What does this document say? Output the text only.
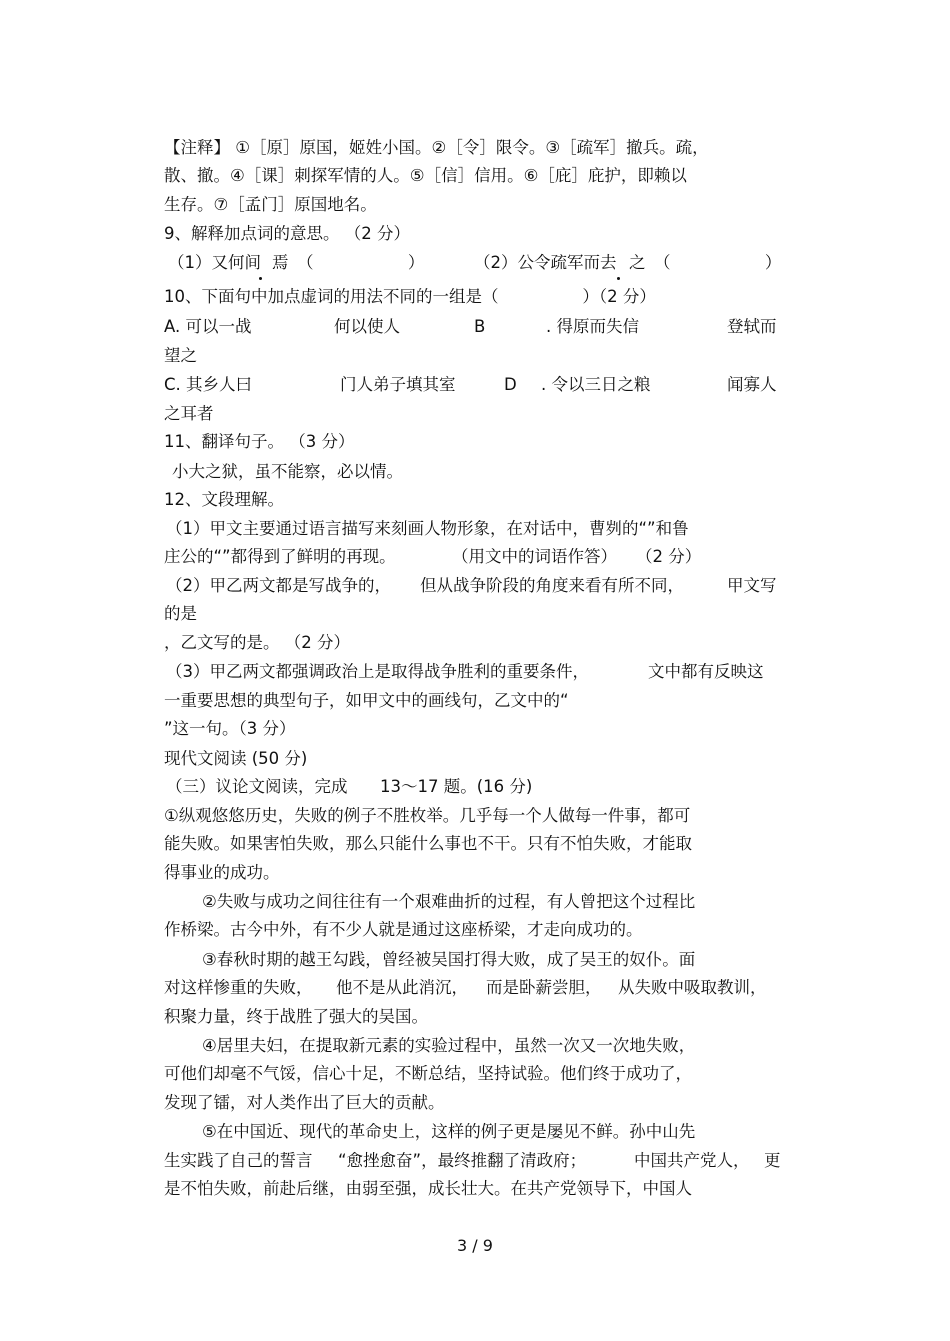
【注释】 ①［原］原国，姬姓小国。②［令］限令。③［疏军］撤兵。疏，
散、撤。④［课］刺探军情的人。⑤［信］信用。⑥［庇］庇护，即赖以
生存。⑦［孟门］原国地名。
9、解释加点词的意思。 （2 分）
（1）又何间 焉 （                  ）	（2）公令疏军而去 之 （                  ）
10、下面句中加点虚词的用法不同的一组是（                ）（2 分）
A. 可以一战	何以使人	B	. 得原而失信	登轼而
望之
C. 其乡人曰	门人弟子填其室	D . 令以三日之粮	闻寡人
之耳者
11、翻译句子。 （3 分）
小大之狱，虽不能察，必以情。
12、文段理解。
（1）甲文主要通过语言描写来刻画人物形象，在对话中，曹刿的“”和鲁
庄公的“”都得到了鲜明的再现。	（用文中的词语作答） （2 分）
（2）甲乙两文都是写战争的， 但从战争阶段的角度来看有所不同，	甲文写
的是
，乙文写的是。 （2 分）
（3）甲乙两文都强调政治上是取得战争胜利的重要条件，	文中都有反映这
一重要思想的典型句子，如甲文中的画线句，乙文中的“
”这一句。（3 分）
现代文阅读 (50 分)
（三）议论文阅读，完成 13～17 题。(16 分)
①纵观悠悠历史，失败的例子不胜枚举。几乎每一个人做每一件事，都可
能失败。如果害怕失败，那么只能什么事也不干。只有不怕失败，才能取
得事业的成功。
②失败与成功之间往往有一个艰难曲折的过程，有人曾把这个过程比
作桥梁。古今中外，有不少人就是通过这座桥梁，才走向成功的。
③春秋时期的越王勾践，曾经被吴国打得大败，成了吴王的奴仆。面
对这样惨重的失败， 他不是从此消沉， 而是卧薪尝胆， 从失败中吸取教训，
积聚力量，终于战胜了强大的吴国。
④居里夫妇，在提取新元素的实验过程中，虽然一次又一次地失败，
可他们却毫不气馁，信心十足，不断总结，坚持试验。他们终于成功了，
发现了镭，对人类作出了巨大的贡献。
⑤在中国近、现代的革命史上，这样的例子更是屡见不鲜。孙中山先
生实践了自己的誓言 “愈挫愈奋”，最终推翻了清政府；	中国共产党人， 更
是不怕失败，前赴后继，由弱至强，成长壮大。在共产党领导下，中国人
3 / 9
